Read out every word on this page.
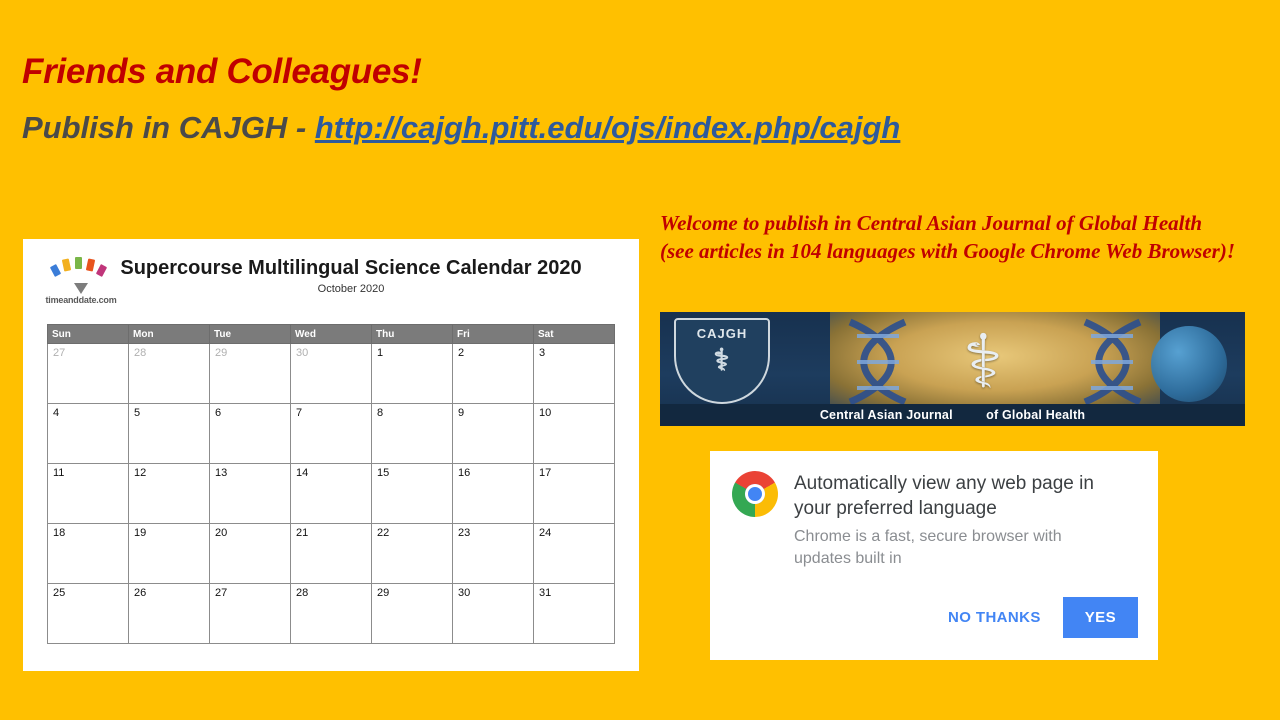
Friends and Colleagues!
Publish in CAJGH - http://cajgh.pitt.edu/ojs/index.php/cajgh
timeanddate.com
Supercourse Multilingual Science Calendar 2020
October 2020
Sun	Mon	Tue	Wed	Thu	Fri	Sat
27	28	29	30	1	2	3
4	5	6	7	8	9	10
11	12	13	14	15	16	17
18	19	20	21	22	23	24
25	26	27	28	29	30	31
Welcome to publish in Central Asian Journal of Global Health (see articles in 104 languages with Google Chrome Web Browser)!
CAJGH
⚕	⚕
Central Asian Journal	of Global Health
Automatically view any web page in your preferred language
Chrome is a fast, secure browser with updates built in
NO THANKS	YES
